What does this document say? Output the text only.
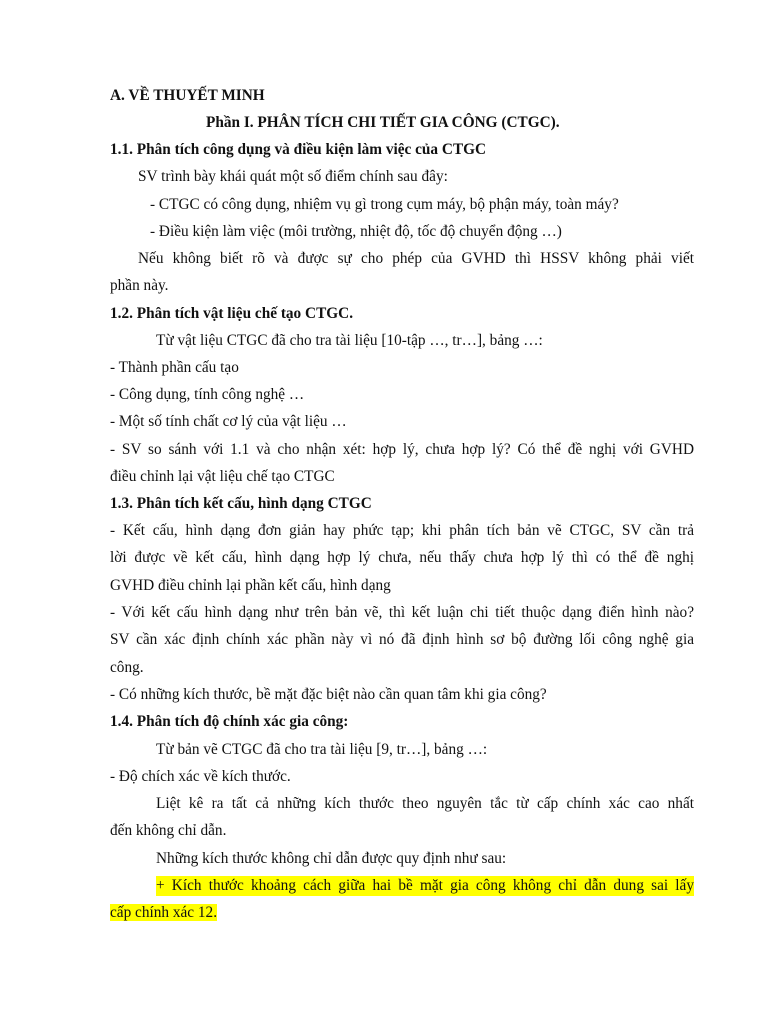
A. VỀ THUYẾT MINH
Phần I. PHÂN TÍCH CHI TIẾT GIA CÔNG (CTGC).
1.1. Phân tích công dụng và điều kiện làm việc của CTGC
SV trình bày khái quát một số điểm chính sau đây:
- CTGC có công dụng, nhiệm vụ gì trong cụm máy, bộ phận máy, toàn máy?
- Điều kiện làm việc (môi trường, nhiệt độ, tốc độ chuyển động …)
Nếu không biết rõ và được sự cho phép của GVHD thì HSSV không phải viết
phần này.
1.2. Phân tích vật liệu chế tạo CTGC.
Từ vật liệu CTGC đã cho tra tài liệu [10-tập …, tr…], bảng …:
- Thành phần cấu tạo
- Công dụng, tính công nghệ …
- Một số tính chất cơ lý của vật liệu …
- SV so sánh với 1.1 và cho nhận xét: hợp lý, chưa hợp lý? Có thể đề nghị với GVHD
điều chỉnh lại vật liệu chế tạo CTGC
1.3. Phân tích kết cấu, hình dạng CTGC
- Kết cấu, hình dạng đơn giản hay phức tạp; khi phân tích bản vẽ CTGC, SV cần trả
lời được về kết cấu, hình dạng hợp lý chưa, nếu thấy chưa hợp lý thì có thể đề nghị
GVHD điều chỉnh lại phần kết cấu, hình dạng
- Với kết cấu hình dạng như trên bản vẽ, thì kết luận chi tiết thuộc dạng điển hình nào?
SV cần xác định chính xác phần này vì nó đã định hình sơ bộ đường lối công nghệ gia
công.
- Có những kích thước, bề mặt đặc biệt nào cần quan tâm khi gia công?
1.4. Phân tích độ chính xác gia công:
Từ bản vẽ CTGC đã cho tra tài liệu [9, tr…], bảng …:
- Độ chích xác về kích thước.
Liệt kê ra tất cả những kích thước theo nguyên tắc từ cấp chính xác cao nhất
đến không chỉ dẫn.
Những kích thước không chỉ dẫn được quy định như sau:
+ Kích thước khoảng cách giữa hai bề mặt gia công không chỉ dẫn dung sai lấy
cấp chính xác 12.
